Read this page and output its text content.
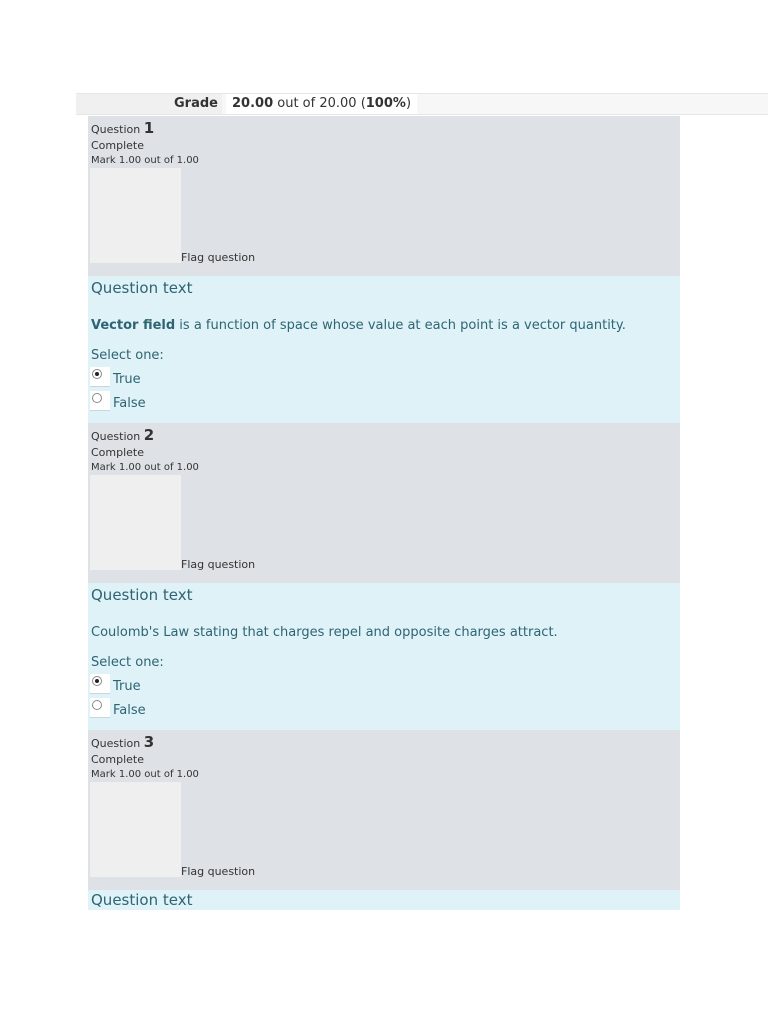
Grade	20.00 out of 20.00 (100%)
Question 1
Complete
Mark 1.00 out of 1.00
Flag question
Question text
Vector field is a function of space whose value at each point is a vector quantity.
Select one:
True
False
Question 2
Complete
Mark 1.00 out of 1.00
Flag question
Question text
Coulomb's Law stating that charges repel and opposite charges attract.
Select one:
True
False
Question 3
Complete
Mark 1.00 out of 1.00
Flag question
Question text
